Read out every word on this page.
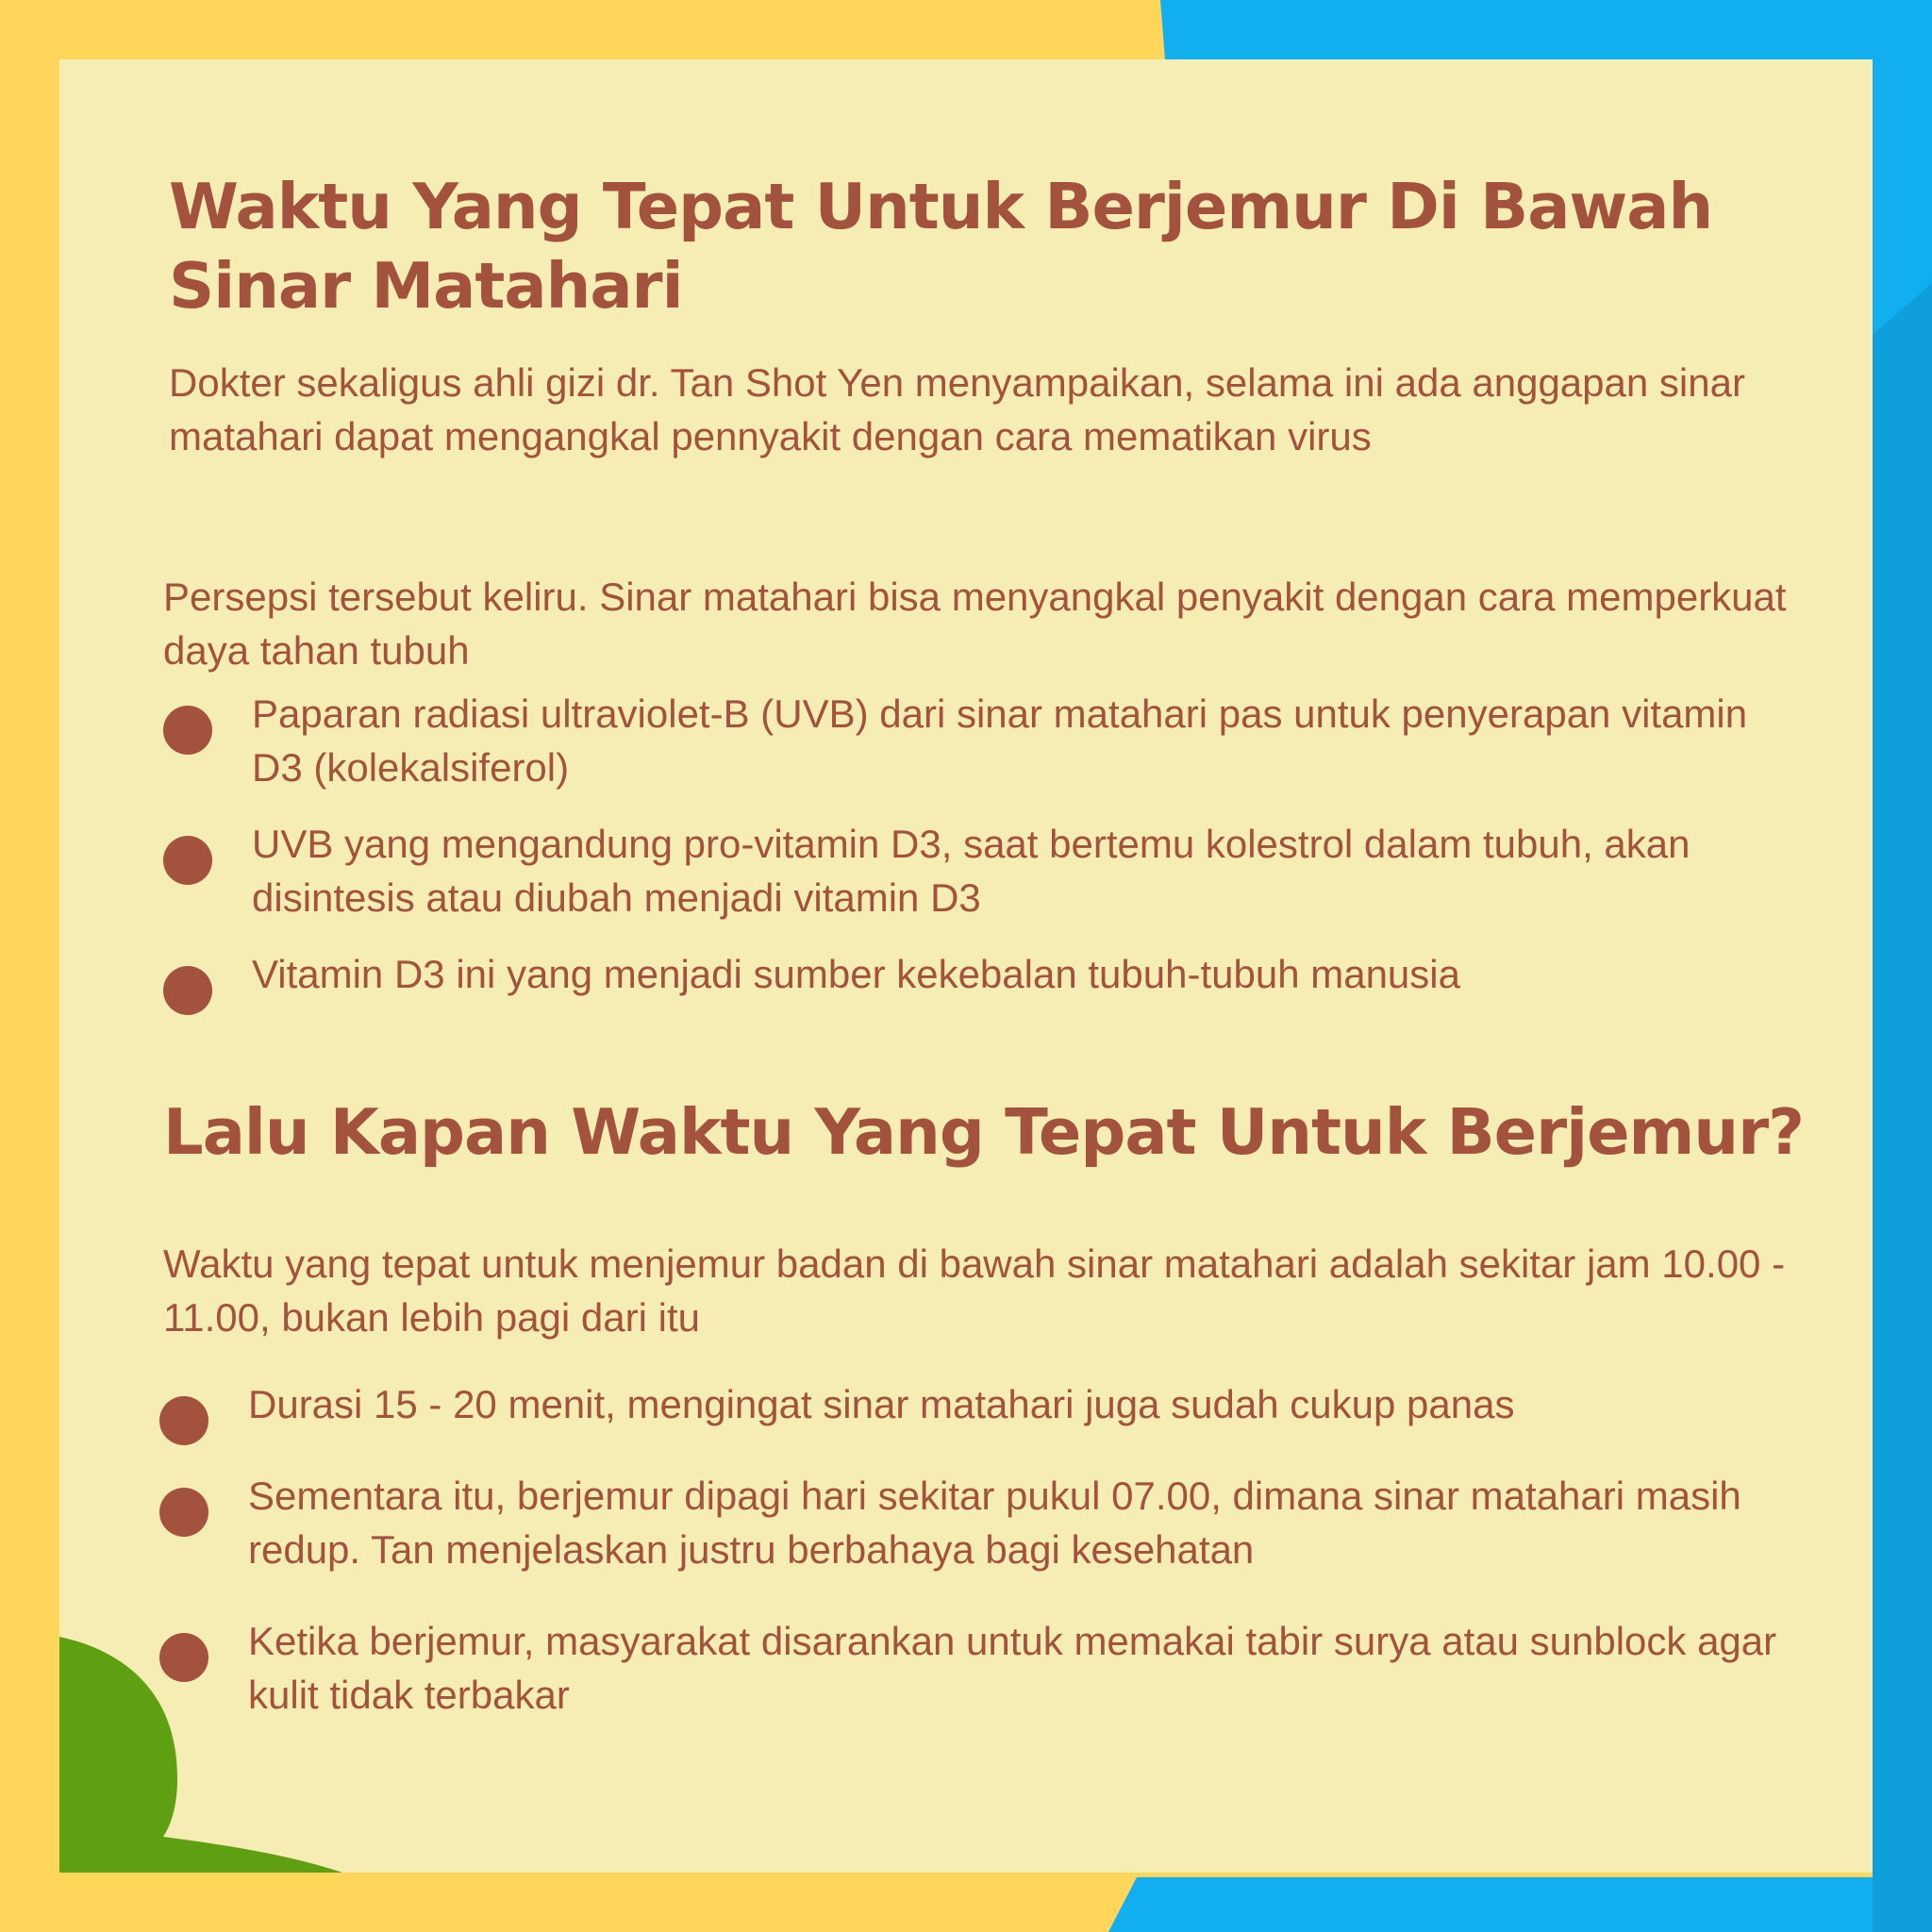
Waktu Yang Tepat Untuk Berjemur Di Bawah Sinar Matahari

Dokter sekaligus ahli gizi dr. Tan Shot Yen menyampaikan, selama ini ada anggapan sinar matahari dapat mengangkal pennyakit dengan cara mematikan virus

Persepsi tersebut keliru. Sinar matahari bisa menyangkal penyakit dengan cara memperkuat daya tahan tubuh

Paparan radiasi ultraviolet-B (UVB) dari sinar matahari pas untuk penyerapan vitamin D3 (kolekalsiferol)
UVB yang mengandung pro-vitamin D3, saat bertemu kolestrol dalam tubuh, akan disintesis atau diubah menjadi vitamin D3
Vitamin D3 ini yang menjadi sumber kekebalan tubuh-tubuh manusia
Lalu Kapan Waktu Yang Tepat Untuk Berjemur?

Waktu yang tepat untuk menjemur badan di bawah sinar matahari adalah sekitar jam 10.00 - 11.00, bukan lebih pagi dari itu

Durasi 15 - 20 menit, mengingat sinar matahari juga sudah cukup panas
Sementara itu, berjemur dipagi hari sekitar pukul 07.00, dimana sinar matahari masih redup. Tan menjelaskan justru berbahaya bagi kesehatan
Ketika berjemur, masyarakat disarankan untuk memakai tabir surya atau sunblock agar kulit tidak terbakar
